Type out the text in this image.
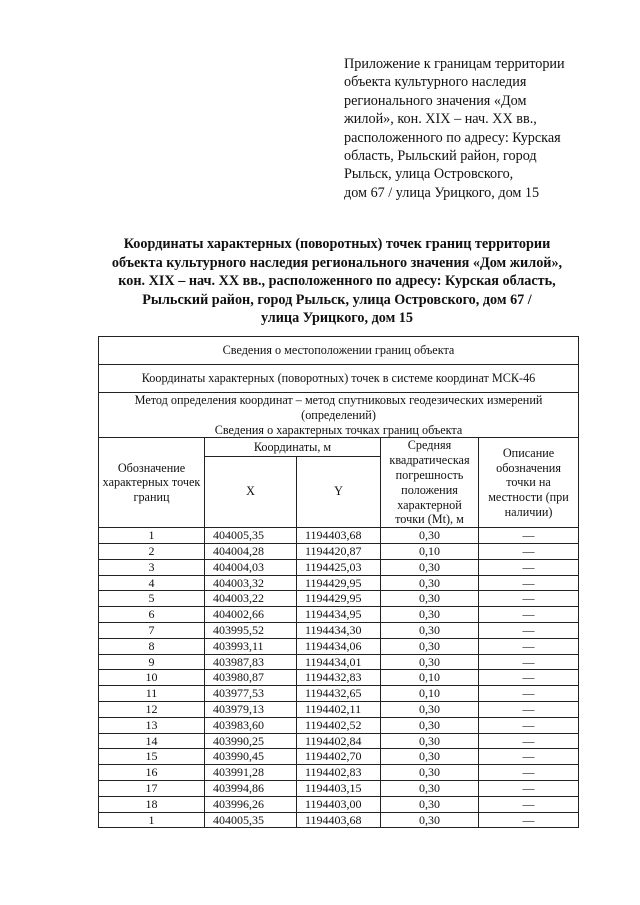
Приложение к границам территории
объекта культурного наследия
регионального значения «Дом
жилой», кон. XIX – нач. XX вв.,
расположенного по адресу: Курская
область, Рыльский район, город
Рыльск, улица Островского,
дом 67 / улица Урицкого, дом 15
Координаты характерных (поворотных) точек границ территории
объекта культурного наследия регионального значения «Дом жилой»,
кон. XIX – нач. XX вв., расположенного по адресу: Курская область,
Рыльский район, город Рыльск, улица Островского, дом 67 /
улица Урицкого, дом 15
Сведения о местоположении границ объекта				
Координаты характерных (поворотных) точек в системе координат МСК-46				

Метод определения координат – метод спутниковых геодезических измерений (определений)
Сведения о характерных точках границ объекта				

Обозначение характерных точек границ	Координаты, м		Средняя квадратическая погрешность положения характерной точки (Mt), м	Описание обозначения точки на местности (при наличии)
	X	Y		
1	404005,35	1194403,68	0,30	—
2	404004,28	1194420,87	0,10	—
3	404004,03	1194425,03	0,30	—
4	404003,32	1194429,95	0,30	—
5	404003,22	1194429,95	0,30	—
6	404002,66	1194434,95	0,30	—
7	403995,52	1194434,30	0,30	—
8	403993,11	1194434,06	0,30	—
9	403987,83	1194434,01	0,30	—
10	403980,87	1194432,83	0,10	—
11	403977,53	1194432,65	0,10	—
12	403979,13	1194402,11	0,30	—
13	403983,60	1194402,52	0,30	—
14	403990,25	1194402,84	0,30	—
15	403990,45	1194402,70	0,30	—
16	403991,28	1194402,83	0,30	—
17	403994,86	1194403,15	0,30	—
18	403996,26	1194403,00	0,30	—
1	404005,35	1194403,68	0,30	—
